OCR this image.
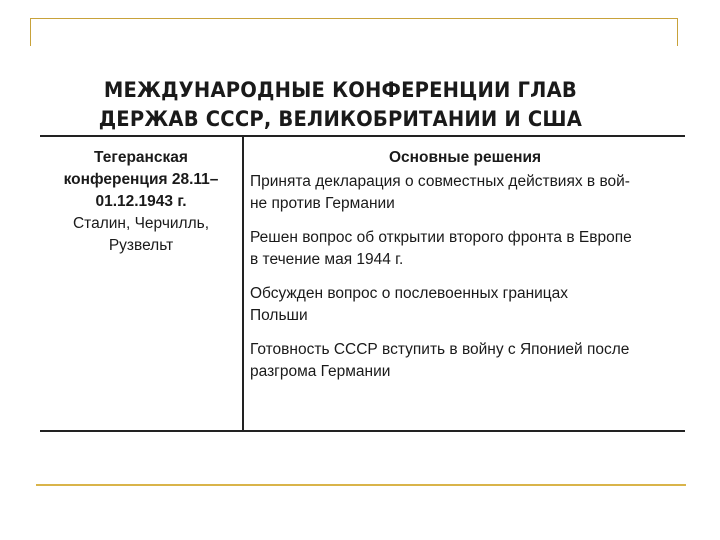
МЕЖДУНАРОДНЫЕ КОНФЕРЕНЦИИ ГЛАВ
ДЕРЖАВ СССР, ВЕЛИКОБРИТАНИИ И США
Тегеранская
конференция 28.11–
01.12.1943 г.
Сталин, Черчилль,
Рузвельт
Основные решения
Принята декларация о совместных действиях в вой-
не против Германии
Решен вопрос об открытии второго фронта в Европе
в течение мая 1944 г.
Обсужден вопрос о послевоенных границах
Польши
Готовность СССР вступить в войну с Японией после
разгрома Германии
